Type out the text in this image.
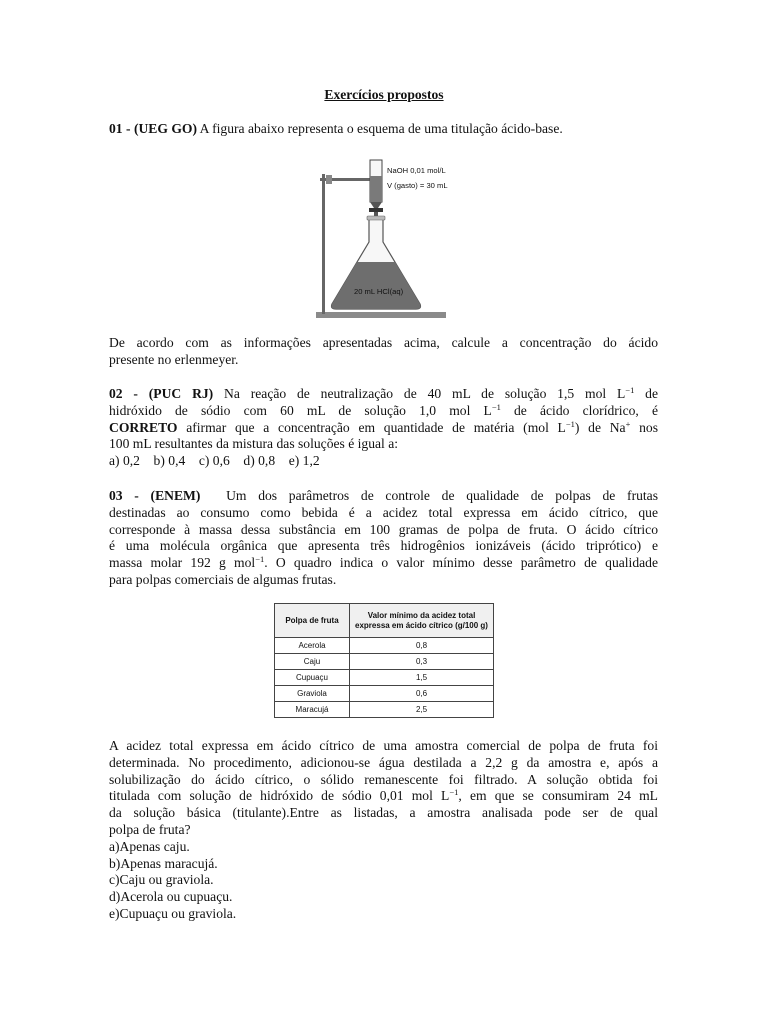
Exercícios propostos
01 - (UEG GO) A figura abaixo representa o esquema de uma titulação ácido-base.
NaOH 0,01 mol/L
V (gasto) = 30 mL
20 mL HCl(aq)

De acordo com as informações apresentadas acima, calcule a concentração do ácido

presente no erlenmeyer.

02 - (PUC RJ) Na reação de neutralização de 40 mL de solução 1,5 mol $L^{-1}$ de

hidróxido de sódio com 60 mL de solução 1,0 mol $L^{-1}$ de ácido clorídrico, é

CORRETO afirmar que a concentração em quantidade de matéria (mol $L^{-1}$) de Na+ nos

100 mL resultantes da mistura das soluções é igual a:

a) 0,2    b) 0,4    c) 0,6    d) 0,8    e) 1,2

03 - (ENEM) Um dos parâmetros de controle de qualidade de polpas de frutas

destinadas ao consumo como bebida é a acidez total expressa em ácido cítrico, que

corresponde à massa dessa substância em 100 gramas de polpa de fruta. O ácido cítrico

é uma molécula orgânica que apresenta três hidrogênios ionizáveis (ácido triprótico) e

massa molar 192 g mol$^{-1}$. O quadro indica o valor mínimo desse parâmetro de qualidade

para polpas comerciais de algumas frutas.

Polpa de fruta	Valor mínimo da acidez total expressa em ácido cítrico (g/100 g)
Acerola	0,8
Caju	0,3
Cupuaçu	1,5
Graviola	0,6
Maracujá	2,5

A acidez total expressa em ácido cítrico de uma amostra comercial de polpa de fruta foi

determinada. No procedimento, adicionou-se água destilada a 2,2 g da amostra e, após a

solubilização do ácido cítrico, o sólido remanescente foi filtrado. A solução obtida foi

titulada com solução de hidróxido de sódio 0,01 mol $L^{-1}$, em que se consumiram 24 mL

da solução básica (titulante).Entre as listadas, a amostra analisada pode ser de qual

polpa de fruta?

a)Apenas caju.

b)Apenas maracujá.

c)Caju ou graviola.

d)Acerola ou cupuaçu.

e)Cupuaçu ou graviola.
